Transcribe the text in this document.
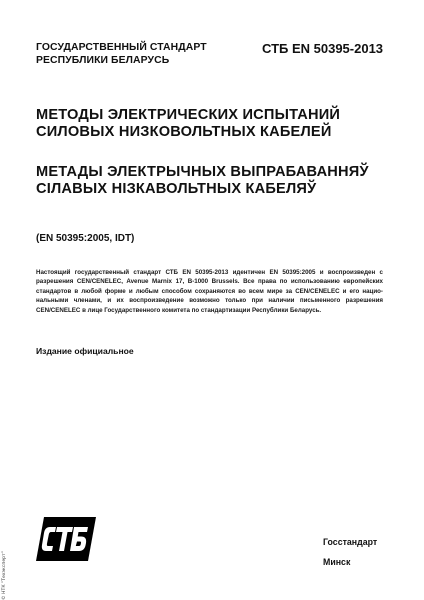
ГОСУДАРСТВЕННЫЙ СТАНДАРТ
РЕСПУБЛИКИ БЕЛАРУСЬ
СТБ EN 50395-2013
МЕТОДЫ ЭЛЕКТРИЧЕСКИХ ИСПЫТАНИЙ
СИЛОВЫХ НИЗКОВОЛЬТНЫХ КАБЕЛЕЙ
МЕТАДЫ ЭЛЕКТРЫЧНЫХ ВЫПРАБАВАННЯЎ
СІЛАВЫХ НІЗКАВОЛЬТНЫХ КАБЕЛЯЎ
(EN 50395:2005, IDT)
Настоящий государственный стандарт СТБ EN 50395-2013 идентичен EN 50395:2005 и воспроизведен с
разрешения CEN/CENELEC, Avenue Marnix 17, B-1000 Brussels. Все права по использованию европейских
стандартов в любой форме и любым способом сохраняются во всем мире за CEN/CENELEC и его нацио-
нальными членами, и их воспроизведение возможно только при наличии письменного разрешения
CEN/CENELEC в лице Государственного комитета по стандартизации Республики Беларусь.
Издание официальное
Госстандарт
Минск
© НТК "Техэксперт"
